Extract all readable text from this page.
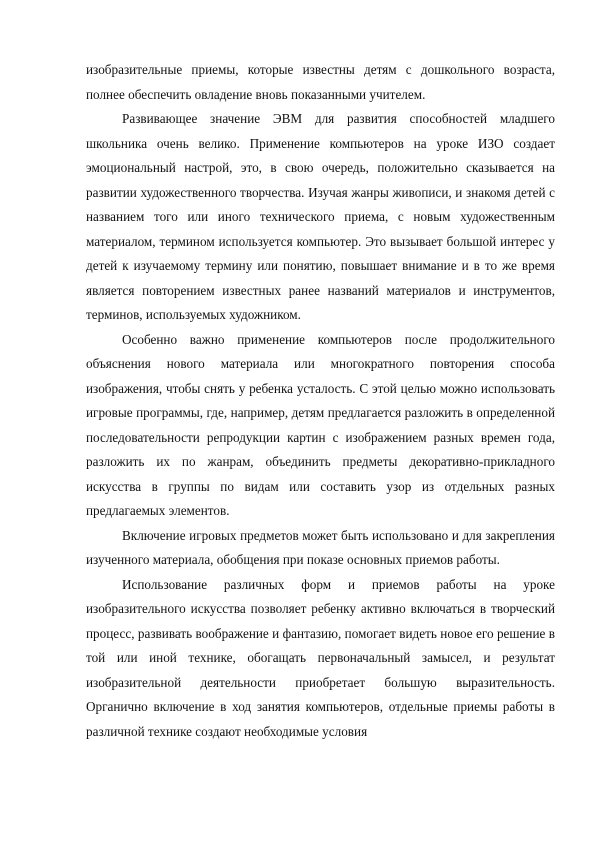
изобразительные приемы, которые известны детям с дошкольного возраста, полнее обеспечить овладение вновь показанными учителем.

Развивающее значение ЭВМ для развития способностей младшего школьника очень велико. Применение компьютеров на уроке ИЗО создает эмоциональный настрой, это, в свою очередь, положительно сказывается на развитии художественного творчества. Изучая жанры живописи, и знакомя детей с названием того или иного технического приема, с новым художественным материалом, термином используется компьютер. Это вызывает большой интерес у детей к изучаемому термину или понятию, повышает внимание и в то же время является повторением известных ранее названий материалов и инструментов, терминов, используемых художником.

Особенно важно применение компьютеров после продолжительного объяснения нового материала или многократного повторения способа изображения, чтобы снять у ребенка усталость. С этой целью можно использовать игровые программы, где, например, детям предлагается разложить в определенной последовательности репродукции картин с изображением разных времен года, разложить их по жанрам, объединить предметы декоративно-прикладного искусства в группы по видам или составить узор из отдельных разных предлагаемых элементов.

Включение игровых предметов может быть использовано и для закрепления изученного материала, обобщения при показе основных приемов работы.

Использование различных форм и приемов работы на уроке изобразительного искусства позволяет ребенку активно включаться в творческий процесс, развивать воображение и фантазию, помогает видеть новое его решение в той или иной технике, обогащать первоначальный замысел, и результат изобразительной деятельности приобретает большую выразительность. Органично включение в ход занятия компьютеров, отдельные приемы работы в различной технике создают необходимые условия
